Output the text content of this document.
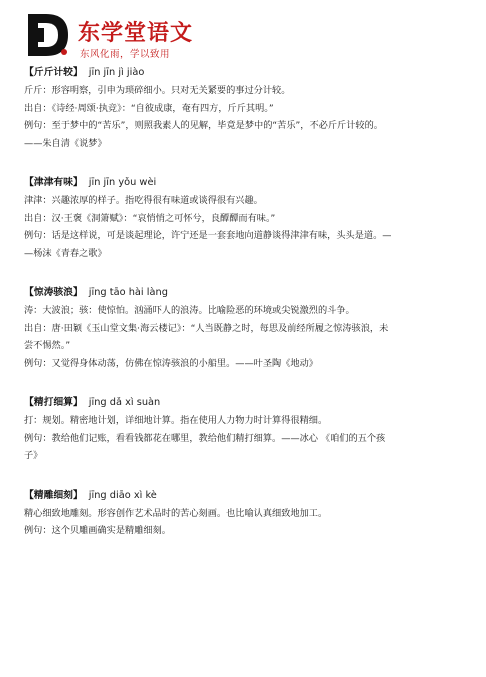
东学堂语文
东风化雨，学以致用

【斤斤计较】 jīn jīn jì jiào

斤斤：形容明察，引申为琐碎细小。只对无关紧要的事过分计较。

出自：《诗经·周颂·执竞》：“自彼成康，奄有四方，斤斤其明。”

例句：至于梦中的“苦乐”，则照我素人的见解，毕竟是梦中的“苦乐”，不必斤斤计较的。

——朱自清《说梦》

【津津有味】 jīn jīn yǒu wèi

津津：兴趣浓厚的样子。指吃得很有味道或谈得很有兴趣。

出自：汉·王褒《洞箫赋》：“哀悄悄之可怀兮，良醰醰而有味。”

例句：话是这样说，可是谈起理论，许宁还是一套套地向道静谈得津津有味，头头是道。—

—杨沫《青春之歌》

【惊涛骇浪】 jīng tāo hài làng

涛：大波浪；骇：使惊怕。汹涌吓人的浪涛。比喻险恶的环境或尖锐激烈的斗争。

出自：唐·田颖《玉山堂文集·海云楼记》：“人当既静之时，每思及前经所履之惊涛骇浪，未

尝不惕然。”

例句：又觉得身体动荡，仿佛在惊涛骇浪的小船里。——叶圣陶《地动》

【精打细算】 jīng dǎ xì suàn

打：规划。精密地计划，详细地计算。指在使用人力物力时计算得很精细。

例句：教给他们记账，看看钱都花在哪里，教给他们精打细算。——冰心 《咱们的五个孩

子》

【精雕细刻】 jīng diāo xì kè

精心细致地雕刻。形容创作艺术品时的苦心刻画。也比喻认真细致地加工。

例句：这个贝雕画确实是精雕细刻。
